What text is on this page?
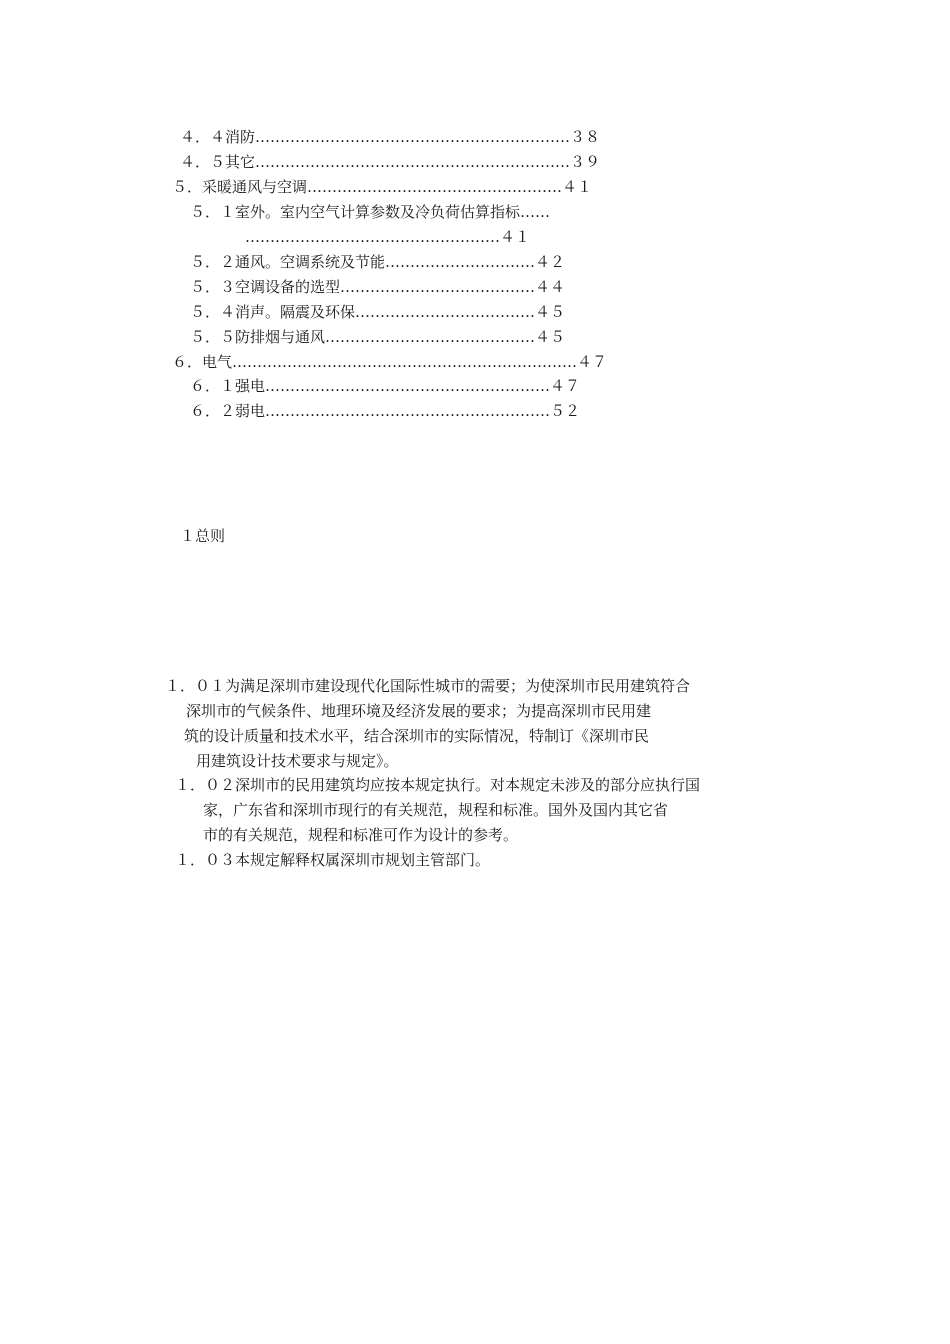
４．４消防………………………………………………………３８
４．５其它………………………………………………………３９
５．采暖通风与空调……………………………………………４１
５．１室外。室内空气计算参数及冷负荷估算指标……
……………………………………………４１
５．２通风。空调系统及节能…………………………４２
５．３空调设备的选型…………………………………４４
５．４消声。隔震及环保………………………………４５
５．５防排烟与通风……………………………………４５
６．电气……………………………………………………………４７
６．１强电…………………………………………………４７
６．２弱电…………………………………………………５２
１总则
１．０１为满足深圳市建设现代化国际性城市的需要；为使深圳市民用建筑符合
深圳市的气候条件、地理环境及经济发展的要求；为提高深圳市民用建
筑的设计质量和技术水平，结合深圳市的实际情况，特制订《深圳市民
用建筑设计技术要求与规定》。
１．０２深圳市的民用建筑均应按本规定执行。对本规定未涉及的部分应执行国
家，广东省和深圳市现行的有关规范，规程和标准。国外及国内其它省
市的有关规范，规程和标准可作为设计的参考。
１．０３本规定解释权属深圳市规划主管部门。
